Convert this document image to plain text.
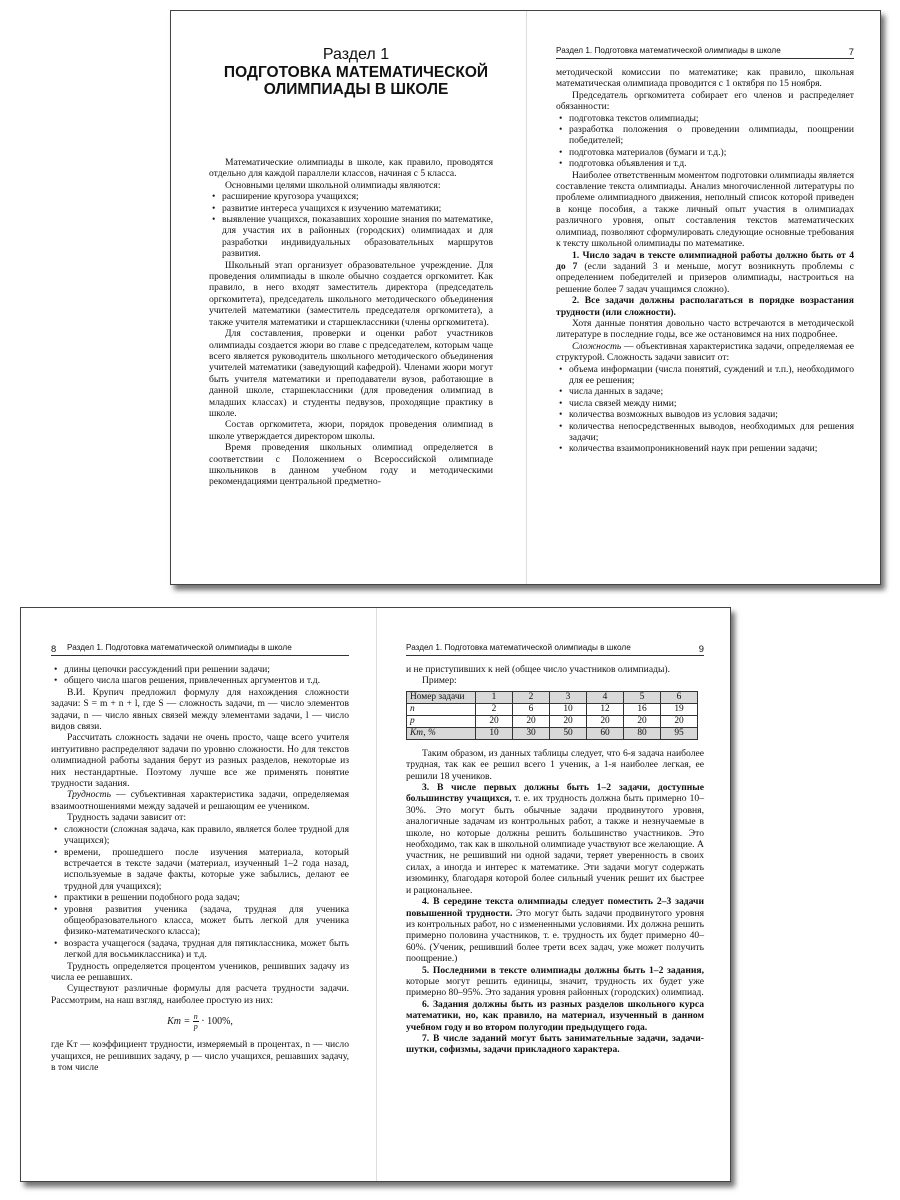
Раздел 1
ПОДГОТОВКА МАТЕМАТИЧЕСКОЙ ОЛИМПИАДЫ В ШКОЛЕ

Математические олимпиады в школе, как правило, проводятся отдельно для каждой параллели классов, начиная с 5 класса.

Основными целями школьной олимпиады являются:

• расширение кругозора учащихся;
• развитие интереса учащихся к изучению математики;
• выявление учащихся, показавших хорошие знания по математике, для участия их в районных (городских) олимпиадах и для разработки индивидуальных образовательных маршрутов развития.

Школьный этап организует образовательное учреждение. Для проведения олимпиады в школе обычно создается оргкомитет. Как правило, в него входят заместитель директора (председатель оргкомитета), председатель школьного методического объединения учителей математики (заместитель председателя оргкомитета), а также учителя математики и старшеклассники (члены оргкомитета).

Для составления, проверки и оценки работ участников олимпиады создается жюри во главе с председателем, которым чаще всего является руководитель школьного методического объединения учителей математики (заведующий кафедрой). Членами жюри могут быть учителя математики и преподаватели вузов, работающие в данной школе, старшеклассники (для проведения олимпиад в младших классах) и студенты педвузов, проходящие практику в школе.

Состав оргкомитета, жюри, порядок проведения олимпиад в школе утверждается директором школы.

Время проведения школьных олимпиад определяется в соответствии с Положением о Всероссийской олимпиаде школьников в данном учебном году и методическими рекомендациями центральной предметно-

Раздел 1. Подготовка математической олимпиады в школе	7

методической комиссии по математике; как правило, школьная математическая олимпиада проводится с 1 октября по 15 ноября.

Председатель оргкомитета собирает его членов и распределяет обязанности:

• подготовка текстов олимпиады;
• разработка положения о проведении олимпиады, поощрении победителей;
• подготовка материалов (бумаги и т.д.);
• подготовка объявления и т.д.

Наиболее ответственным моментом подготовки олимпиады является составление текста олимпиады. Анализ многочисленной литературы по проблеме олимпиадного движения, неполный список которой приведен в конце пособия, а также личный опыт участия в олимпиадах различного уровня, опыт составления текстов математических олимпиад, позволяют сформулировать следующие основные требования к тексту школьной олимпиады по математике.

1. Число задач в тексте олимпиадной работы должно быть от 4 до 7 (если заданий 3 и меньше, могут возникнуть проблемы с определением победителей и призеров олимпиады, настроиться на решение более 7 задач учащимся сложно).

2. Все задачи должны располагаться в порядке возрастания трудности (или сложности).

Хотя данные понятия довольно часто встречаются в методической литературе в последние годы, все же остановимся на них подробнее.

Сложность — объективная характеристика задачи, определяемая ее структурой. Сложность задачи зависит от:

• объема информации (числа понятий, суждений и т.п.), необходимого для ее решения;
• числа данных в задаче;
• числа связей между ними;
• количества возможных выводов из условия задачи;
• количества непосредственных выводов, необходимых для решения задачи;
• количества взаимопроникновений наук при решении задачи;
8 Раздел 1. Подготовка математической олимпиады в школе
• длины цепочки рассуждений при решении задачи;
• общего числа шагов решения, привлеченных аргументов и т.д.

В.И. Крупич предложил формулу для нахождения сложности задачи: S = m + n + l, где S — сложность задачи, m — число элементов задачи, n — число явных связей между элементами задачи, l — число видов связи.

Рассчитать сложность задачи не очень просто, чаще всего учителя интуитивно распределяют задачи по уровню сложности. Но для текстов олимпиадной работы задания берут из разных разделов, некоторые из них нестандартные. Поэтому лучше все же применять понятие трудности задания.

Трудность — субъективная характеристика задачи, определяемая взаимоотношениями между задачей и решающим ее учеником.

Трудность задачи зависит от:

• сложности (сложная задача, как правило, является более трудной для учащихся);
• времени, прошедшего после изучения материала, который встречается в тексте задачи (материал, изученный 1–2 года назад, используемые в задаче факты, которые уже забылись, делают ее трудной для учащихся);
• практики в решении подобного рода задач;
• уровня развития ученика (задача, трудная для ученика общеобразовательного класса, может быть легкой для ученика физико-математического класса);
• возраста учащегося (задача, трудная для пятиклассника, может быть легкой для восьмиклассника) и т.д.

Трудность определяется процентом учеников, решивших задачу из числа ее решавших.

Существуют различные формулы для расчета трудности задачи. Рассмотрим, на наш взгляд, наиболее простую из них:

Kт = $\frac{n}{p} \cdot 100\%$,

где Kт — коэффициент трудности, измеряемый в процентах, n — число учащихся, не решивших задачу, p — число учащихся, решавших задачу, в том числе

Раздел 1. Подготовка математической олимпиады в школе	9

и не приступивших к ней (общее число участников олимпиады).

Пример:

Номер задачи	1	2	3	4	5	6
n	2	6	10	12	16	19
p	20	20	20	20	20	20
Kт, %	10	30	50	60	80	95

Таким образом, из данных таблицы следует, что 6-я задача наиболее трудная, так как ее решил всего 1 ученик, а 1-я наиболее легкая, ее решили 18 учеников.

3. В числе первых должны быть 1–2 задачи, доступные большинству учащихся, т. е. их трудность должна быть примерно 10–30%. Это могут быть обычные задачи продвинутого уровня, аналогичные задачам из контрольных работ, а также и незнучаемые в школе, но которые должны решить большинство участников. Это необходимо, так как в школьной олимпиаде участвуют все желающие. А участник, не решивший ни одной задачи, теряет уверенность в своих силах, а иногда и интерес к математике. Эти задачи могут содержать изюминку, благодаря которой более сильный ученик решит их быстрее и рациональнее.

4. В середине текста олимпиады следует поместить 2–3 задачи повышенной трудности. Это могут быть задачи продвинутого уровня из контрольных работ, но с измененными условиями. Их должна решить примерно половина участников, т. е. трудность их будет примерно 40–60%. (Ученик, решивший более трети всех задач, уже может получить поощрение.)

5. Последними в тексте олимпиады должны быть 1–2 задания, которые могут решить единицы, значит, трудность их будет уже примерно 80–95%. Это задания уровня районных (городских) олимпиад.

6. Задания должны быть из разных разделов школьного курса математики, но, как правило, на материал, изученный в данном учебном году и во втором полугодии предыдущего года.

7. В числе заданий могут быть занимательные задачи, задачи-шутки, софизмы, задачи прикладного характера.
